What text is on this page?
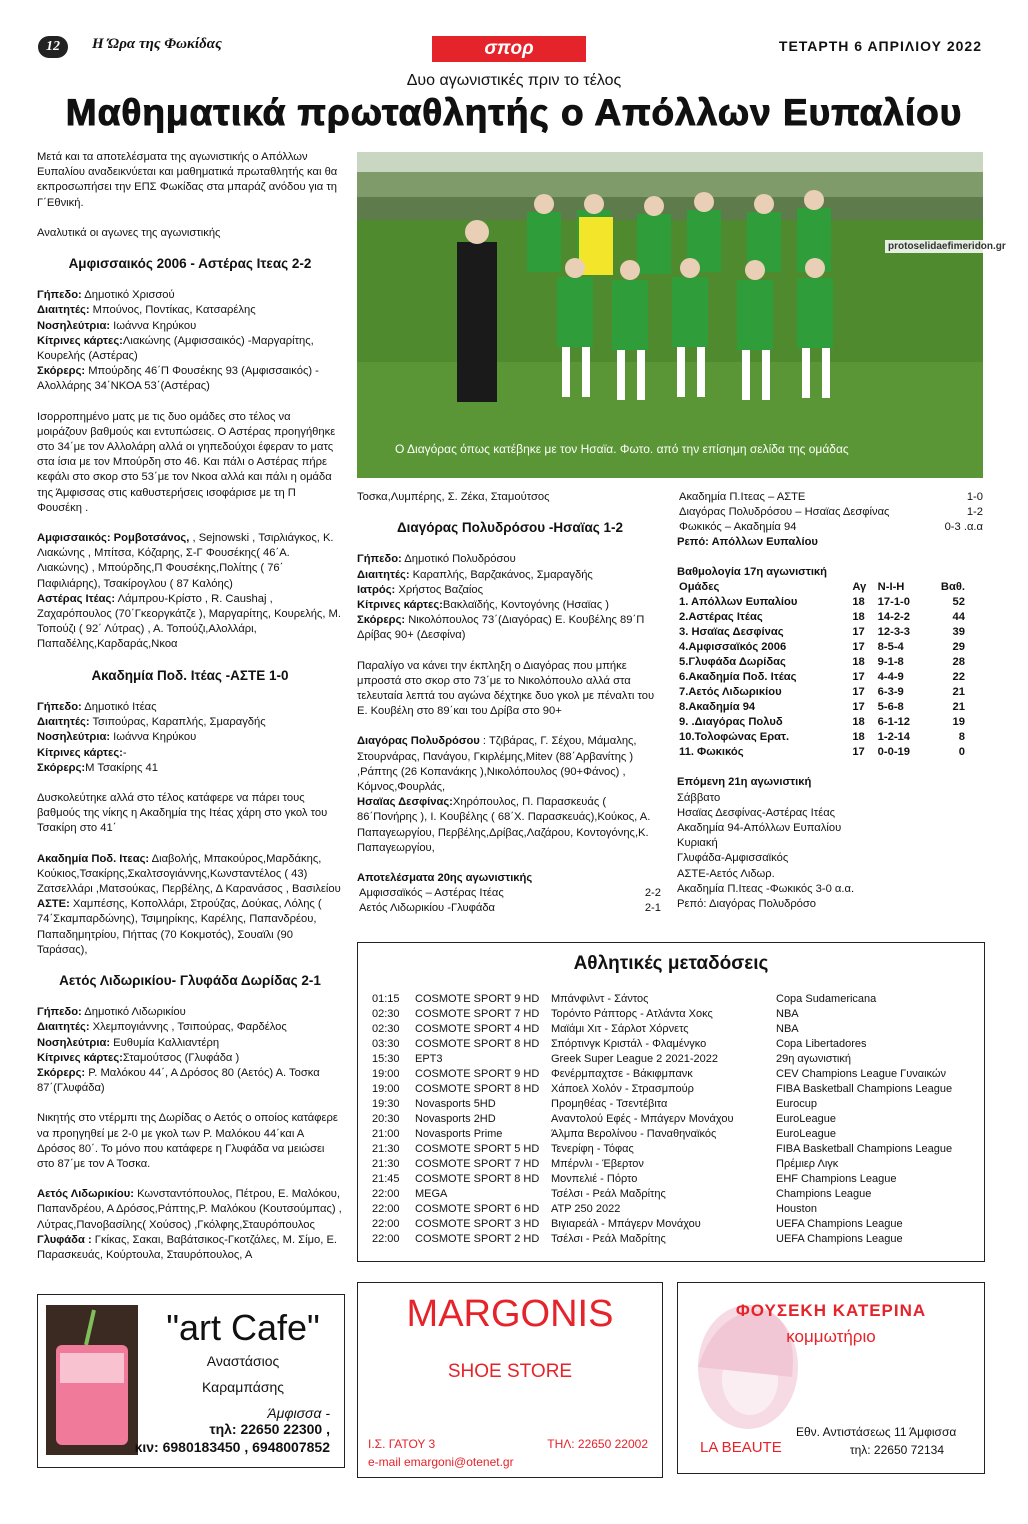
12	Η Ώρα της Φωκίδας	σπορ	ΤΕΤΑΡΤΗ 6 ΑΠΡΙΛΙΟΥ 2022
Δυο αγωνιστικές πριν το τέλος
Μαθηματικά πρωταθλητής ο Απόλλων Ευπαλίου

Μετά και τα αποτελέσματα της αγωνιστικής ο Απόλλων Ευπαλίου αναδεικνύεται και μαθηματικά πρωταθλητής και θα εκπροσωπήσει την ΕΠΣ Φωκίδας στα μπαράζ ανόδου για τη Γ΄Εθνική.

Αναλυτικά οι αγωνες της αγωνιστικής

Αμφισσαικός 2006 - Αστέρας Ιτεας 2-2
Γήπεδο: Δημοτικό Χρισσού
Διαιτητές: Μπούνος, Ποντίκας, Κατσαρέλης
Νοσηλεύτρια: Ιωάννα Κηρύκου
Κίτρινες κάρτες:Λιακώνης (Αμφισσαικός) -Μαργαρίτης, Κουρελής (Αστέρας)
Σκόρερς: Μπούρδης 46΄Π Φουσέκης 93 (Αμφισσαικός) - Αλολλάρης 34΄ΝΚΟΑ 53΄(Αστέρας)

Ισορροπημένο ματς με τις δυο ομάδες στο τέλος να μοιράζουν βαθμούς και εντυπώσεις. Ο Αστέρας προηγήθηκε στο 34΄με τον Αλλολάρη αλλά οι γηπεδούχοι έφεραν το ματς στα ίσια με τον Μπούρδη στο 46. Και πάλι ο Αστέρας πήρε κεφάλι στο σκορ στο 53΄με τον Νκοα αλλά και πάλι η ομάδα της Άμφισσας στις καθυστερήσεις ισοφάρισε με τη Π Φουσέκη .

Αμφισσαικός: Ρομβοτσάνος, , Sejnowski , Τσιρλιάγκος, Κ. Λιακώνης , Μπίτσα, Κόζαρης, Σ-Γ Φουσέκης( 46΄Α. Λιακώνης) , Μπούρδης,Π Φουσέκης,Πολίτης ( 76΄ Παφιλιάρης), Τσακίρογλου ( 87 Καλόης)

Αστέρας Ιτέας: Λάμπρου-Κρίστο , R. Caushaj , Ζαχαρόπουλος (70΄Γκεοργκάτζε ), Μαργαρίτης, Κουρελής, Μ. Τοπούζι ( 92΄ Λύτρας) , Α. Τοπούζι,Αλολλάρι, Παπαδέλης,Καρδαράς,Νκοα

Ακαδημία Ποδ. Ιτέας -ΑΣΤΕ 1-0
Γήπεδο: Δημοτικό Ιτέας
Διαιτητές: Τσιπούρας, Καραπλής, Σμαραγδής
Νοσηλεύτρια: Ιωάννα Κηρύκου
Κίτρινες κάρτες:-
Σκόρερς:Μ Τσακίρης 41

Δυσκολεύτηκε αλλά στο τέλος κατάφερε να πάρει τους βαθμούς της νίκης η Ακαδημία της Ιτέας χάρη στο γκολ του Τσακίρη στο 41΄

Ακαδημία Ποδ. Ιτεας: Διαβολής, Μπακούρος,Μαρδάκης, Κούκιος,Τσακίρης,Σκαλτσογιάννης,Κωνσταντέλος ( 43) Ζατσελλάρι ,Ματσούκας, Περβέλης, Δ Καρανάσος , Βασιλείου

ΑΣΤΕ: Χαμπέσης, Κοπολλάρι, Στρούζας, Δούκας, Λόλης ( 74΄Σκαμπαρδώνης), Τσιμηρίκης, Καρέλης, Παπανδρέου, Παπαδημητρίου, Πήττας (70 Κοκμοτός), Σουαϊλι (90 Ταράσας),

Αετός Λιδωρικίου- Γλυφάδα Δωρίδας 2-1
Γήπεδο: Δημοτικό Λιδωρικίου
Διαιτητές: Χλεμπογιάννης , Τσιπούρας, Φαρδέλος
Νοσηλεύτρια: Ευθυμία Καλλιαντέρη
Κίτρινες κάρτες:Σταμούτσος (Γλυφάδα )
Σκόρερς: Ρ. Μαλόκου 44΄, Α Δρόσος 80 (Αετός) Α. Τοσκα 87΄(Γλυφάδα)

Νικητής στο ντέρμπι της Δωρίδας ο Αετός ο οποίος κατάφερε να προηγηθεί με 2-0 με γκολ των Ρ. Μαλόκου 44΄και Α Δρόσος 80΄. Το μόνο που κατάφερε η Γλυφάδα να μειώσει στο 87΄με τον Α Τοσκα.

Αετός Λιδωρικίου: Κωνσταντόπουλος, Πέτρου, Ε. Μαλόκου, Παπανδρέου, Α Δρόσος,Ράπτης,Ρ. Μαλόκου (Κουτσούμπας) , Λύτρας,Πανοβασίλης( Χούσος) ,Γκόλφης,Σταυρόπουλος
Γλυφάδα : Γκίκας, Σακαι, Βαβάτσικος-Γκοτζάλες, Μ. Σίμο, Ε. Παρασκευάς, Κούρτουλα, Σταυρόπουλος, Α
Ο Διαγόρας όπως κατέβηκε με τον Ησαϊα. Φωτο. από την επίσημη σελίδα της ομάδας
protoselidaefimeridon.gr

Τοσκα,Λυμπέρης, Σ. Ζέκα, Σταμούτσος

Διαγόρας Πολυδρόσου -Ησαϊας 1-2
Γήπεδο: Δημοτικό Πολυδρόσου
Διαιτητές: Καραπλής, Βαρζακάνος, Σμαραγδής
Ιατρός: Χρήστος Βαζαίος
Κίτρινες κάρτες:Βακλαϊδής, Κοντογόνης (Ησαϊας )
Σκόρερς: Νικολόπουλος 73΄(Διαγόρας) Ε. Κουβέλης 89΄Π Δρίβας 90+ (Δεσφίνα)

Παραλίγο να κάνει την έκπληξη ο Διαγόρας που μπήκε μπροστά στο σκορ στο 73΄με το Νικολόπουλο αλλά στα τελευταία λεπτά του αγώνα δέχτηκε δυο γκολ με πέναλτι του Ε. Κουβέλη στο 89΄και του Δρίβα στο 90+

Διαγόρας Πολυδρόσου : Τζιβάρας, Γ. Σέχου, Μάμαλης, Στουρνάρας, Πανάγου, Γκιρλέμης,Mitev (88΄Αρβανίτης ) ,Ράπτης (26 Κοπανάκης ),Νικολόπουλος (90+Φάνος) , Κόμνος,Φουρλάς,

Ησαϊας Δεσφίνας:Χηρόπουλος, Π. Παρασκευάς ( 86΄Πονήρης ), Ι. Κουβέλης ( 68΄Χ. Παρασκευάς),Κούκος, Α. Παπαγεωργίου, Περβέλης,Δρίβας,Λαζάρου, Κοντογόνης,Κ. Παπαγεωργίου,

Αποτελέσματα 20ης αγωνιστικής
Αμφισσαϊκός – Αστέρας Ιτέας	2-2
Αετός Λιδωρικίου -Γλυφάδα	2-1
Ακαδημία Π.Ιτεας – ΑΣΤΕ	1-0
Διαγόρας Πολυδρόσου – Ησαϊας Δεσφίνας	1-2
Φωκικός – Ακαδημία 94	0-3 .α.α
Ρεπό: Απόλλων Ευπαλίου
Βαθμολογία 17η αγωνιστική
Ομάδες	Αγ	Ν-Ι-Η	Βαθ.
1. Απόλλων Ευπαλίου	18	17-1-0	52
2.Αστέρας Ιτέας	18	14-2-2	44
3. Ησαϊας Δεσφίνας	17	12-3-3	39
4.Αμφισσαϊκός 2006	17	8-5-4	29
5.Γλυφάδα Δωρίδας	18	9-1-8	28
6.Ακαδημία Ποδ. Ιτέας	17	4-4-9	22
7.Αετός Λιδωρικίου	17	6-3-9	21
8.Ακαδημία 94	17	5-6-8	21
9. .Διαγόρας Πολυδ	18	6-1-12	19
10.Τολοφώνας Ερατ.	18	1-2-14	8
11. Φωκικός	17	0-0-19	0
Επόμενη 21η αγωνιστική
Σάββατο
Ησαϊας Δεσφίνας-Αστέρας Ιτέας
Ακαδημία 94-Απόλλων Ευπαλίου
Κυριακή
Γλυφάδα-Αμφισσαϊκός
ΑΣΤΕ-Αετός Λιδωρ.
Ακαδημία Π.Ιτεας -Φωκικός 3-0 α.α.
Ρεπό: Διαγόρας Πολυδρόσο
Αθλητικές μεταδόσεις
01:15 COSMOTE SPORT 9 HD Μπάνφιλντ - Σάντος	Copa Sudamericana
02:30 COSMOTE SPORT 7 HD Τορόντο Ράπτορς - Ατλάντα Χοκς	NBA
02:30 COSMOTE SPORT 4 HD Μαϊάμι Χιτ - Σάρλοτ Χόρνετς	NBA
03:30 COSMOTE SPORT 8 HD Σπόρτινγκ Κριστάλ - Φλαμένγκο	Copa Libertadores
15:30 ΕΡΤ3	Greek Super League 2 2021-2022	29η αγωνιστική
19:00 COSMOTE SPORT 9 HD Φενέρμπαχτσε - Βάκιφμπανκ	CEV Champions League Γυναικών
19:00 COSMOTE SPORT 8 HD Χάποελ Χολόν - Στρασμπούρ	FIBA Basketball Champions League
19:30 Novasports 5HD	Προμηθέας - Τσεντέβιτα	Eurocup
20:30 Novasports 2HD	Αναντολού Εφές - Μπάγερν Μονάχου	EuroLeague
21:00 Novasports Prime	Άλμπα Βερολίνου - Παναθηναϊκός	EuroLeague
21:30 COSMOTE SPORT 5 HD Τενερίφη - Τόφας	FIBA Basketball Champions League
21:30 COSMOTE SPORT 7 HD Μπέρνλι - Έβερτον	Πρέμιερ Λιγκ
21:45 COSMOTE SPORT 8 HD Μονπελιέ - Πόρτο	EHF Champions League
22:00 MEGA	Τσέλσι - Ρεάλ Μαδρίτης	Champions League
22:00 COSMOTE SPORT 6 HD ATP 250 2022	Houston
22:00 COSMOTE SPORT 3 HD Βιγιαρεάλ - Μπάγερν Μονάχου	UEFA Champions League
22:00 COSMOTE SPORT 2 HD Τσέλσι - Ρεάλ Μαδρίτης	UEFA Champions League
"art Cafe"
Αναστάσιος
Καραμπάσης
Άμφισσα -
τηλ: 22650 22300 ,
κιν: 6980183450 , 6948007852
MARGONIS
SHOE STORE
Ι.Σ. ΓΑΤΟΥ 3	ΤΗΛ: 22650 22002
e-mail emargoni@otenet.gr
ΦΟΥΣΕΚΗ ΚΑΤΕΡΙΝΑ
κομμωτήριο
Εθν. Αντιστάσεως 11 Άμφισσα
LA BEAUTE	τηλ: 22650 72134
